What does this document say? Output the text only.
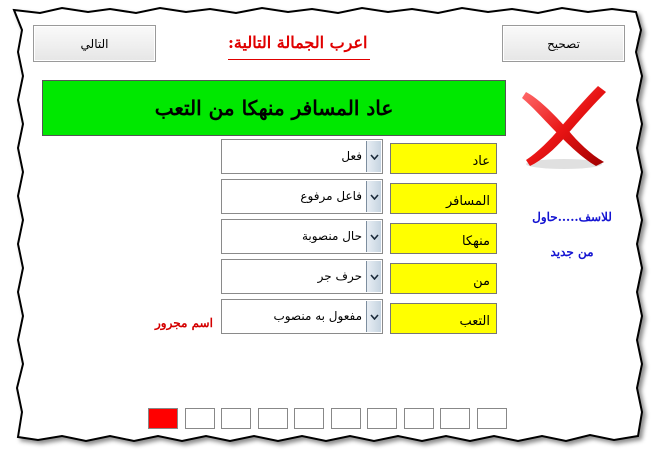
التالي	تصحيح
اعرب الجمالة التالية:
عاد المسافر منهكا من التعب
للاسف.....حاول
من جديد
عاد
فعل
المسافر
فاعل مرفوع
منهكا
حال منصوبة
من
حرف جر
التعب
مفعول به منصوب
اسم مجرور
